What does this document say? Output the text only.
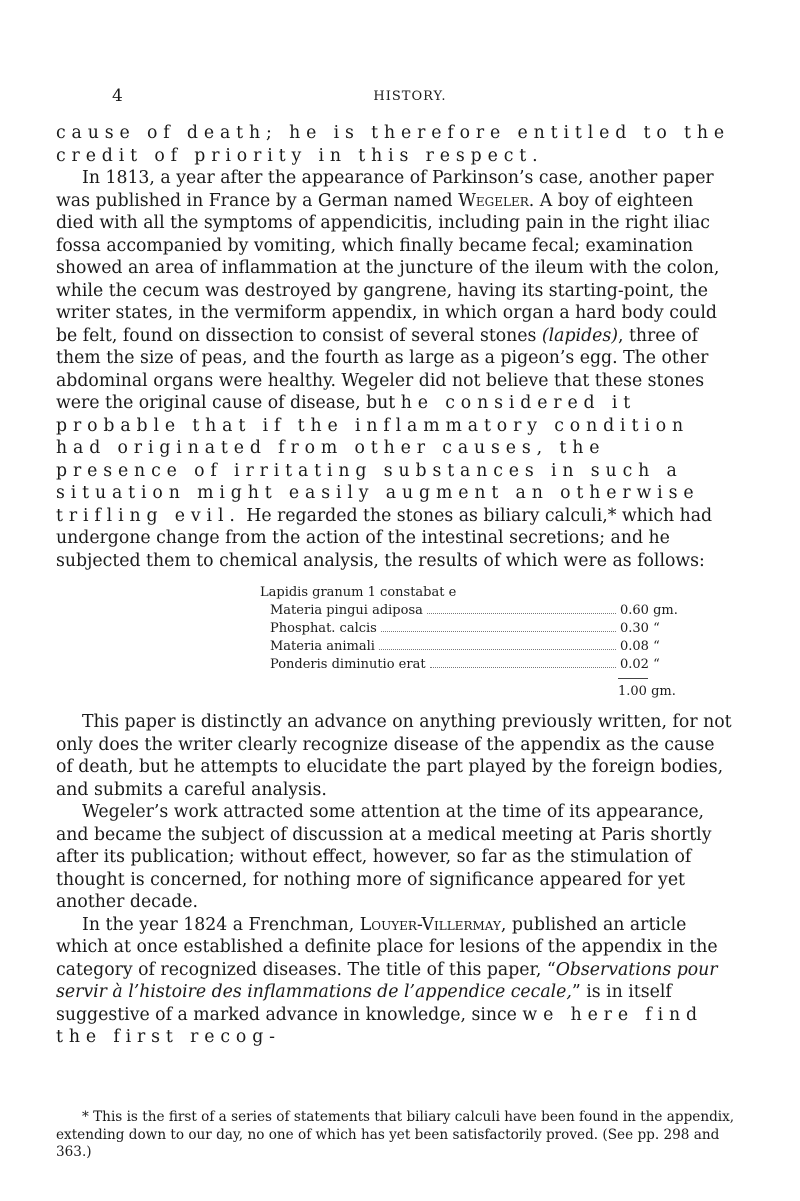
4	HISTORY.

cause of death; he is therefore entitled to the credit of priority in this respect.

In 1813, a year after the appearance of Parkinson’s case, another paper was published in France by a German named Wegeler. A boy of eighteen died with all the symptoms of appendicitis, including pain in the right iliac fossa accompanied by vomiting, which finally became fecal; examination showed an area of inflammation at the juncture of the ileum with the colon, while the cecum was destroyed by gangrene, having its starting-point, the writer states, in the vermiform appendix, in which organ a hard body could be felt, found on dissection to consist of several stones (lapides), three of them the size of peas, and the fourth as large as a pigeon’s egg. The other abdominal organs were healthy. Wegeler did not believe that these stones were the original cause of disease, but he considered it probable that if the inflammatory condition had originated from other causes, the presence of irritating substances in such a situation might easily augment an otherwise trifling evil. He regarded the stones as biliary calculi,* which had undergone change from the action of the intestinal secretions; and he subjected them to chemical analysis, the results of which were as follows:

Lapidis granum 1 constabat e
Materia pingui adiposa	0.60 gm.
Phosphat. calcis	0.30 “
Materia animali	0.08 “
Ponderis diminutio erat	0.02 “
1.00 gm.

This paper is distinctly an advance on anything previously written, for not only does the writer clearly recognize disease of the appendix as the cause of death, but he attempts to elucidate the part played by the foreign bodies, and submits a careful analysis.

Wegeler’s work attracted some attention at the time of its appearance, and became the subject of discussion at a medical meeting at Paris shortly after its publication; without effect, however, so far as the stimulation of thought is concerned, for nothing more of significance appeared for yet another decade.

In the year 1824 a Frenchman, Louyer-Villermay, published an article which at once established a definite place for lesions of the appendix in the category of recognized diseases. The title of this paper, “Observations pour servir à l’histoire des inflammations de l’appendice cecale,” is in itself suggestive of a marked advance in knowledge, since we here find the first recog-

* This is the first of a series of statements that biliary calculi have been found in the appendix, extending down to our day, no one of which has yet been satisfactorily proved. (See pp. 298 and 363.)
